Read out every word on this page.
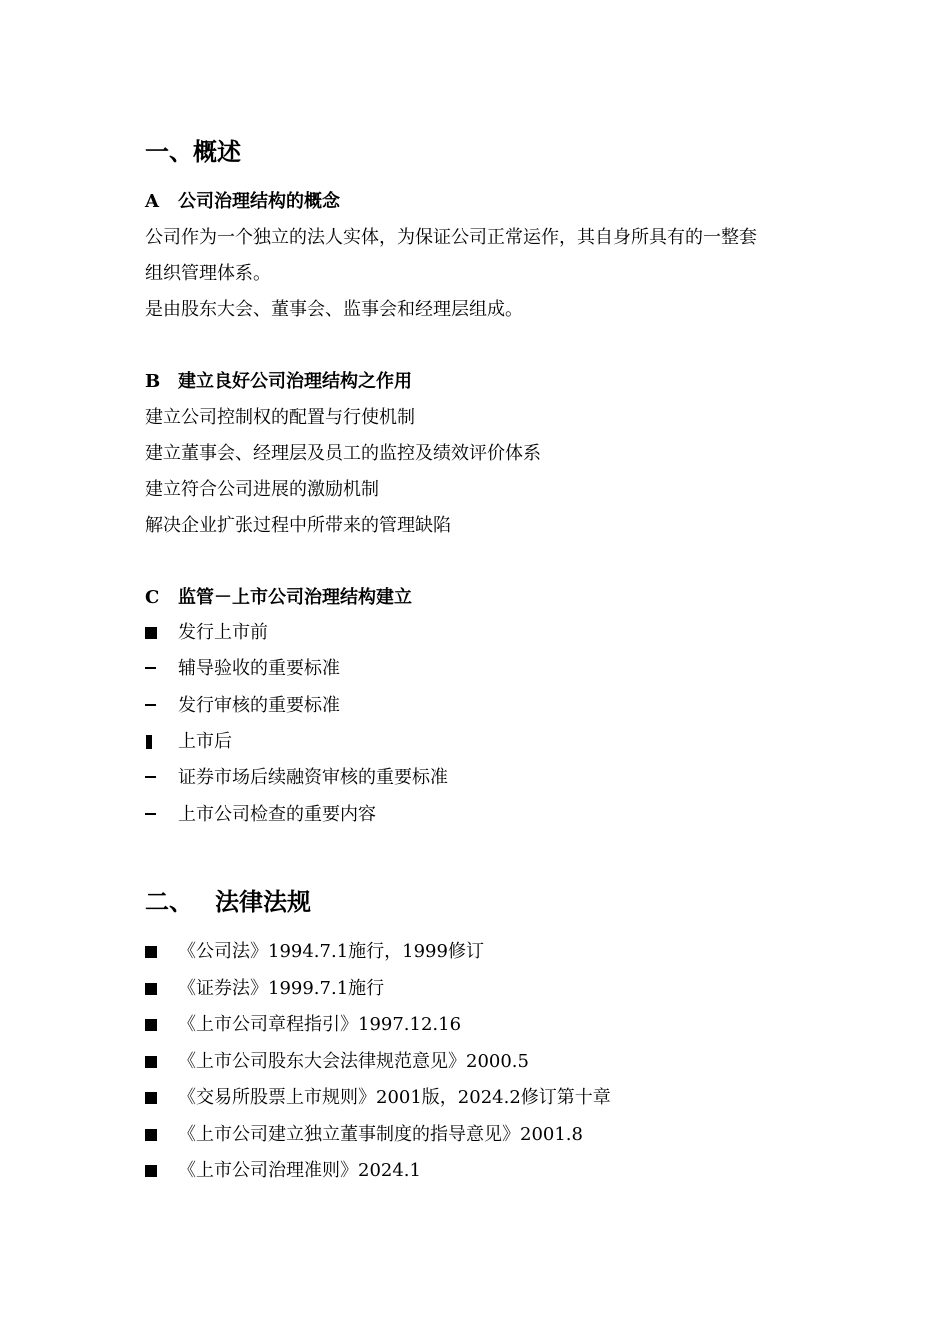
一、概述
A 公司治理结构的概念
公司作为一个独立的法人实体，为保证公司正常运作，其自身所具有的一整套
组织管理体系。
是由股东大会、董事会、监事会和经理层组成。
B 建立良好公司治理结构之作用
建立公司控制权的配置与行使机制
建立董事会、经理层及员工的监控及绩效评价体系
建立符合公司进展的激励机制
解决企业扩张过程中所带来的管理缺陷
C 监管－上市公司治理结构建立
发行上市前
辅导验收的重要标准
发行审核的重要标准
上市后
证券市场后续融资审核的重要标准
上市公司检查的重要内容
二、 法律法规
《公司法》1994.7.1施行，1999修订
《证券法》1999.7.1施行
《上市公司章程指引》1997.12.16
《上市公司股东大会法律规范意见》2000.5
《交易所股票上市规则》2001版，2024.2修订第十章
《上市公司建立独立董事制度的指导意见》2001.8
《上市公司治理准则》2024.1
